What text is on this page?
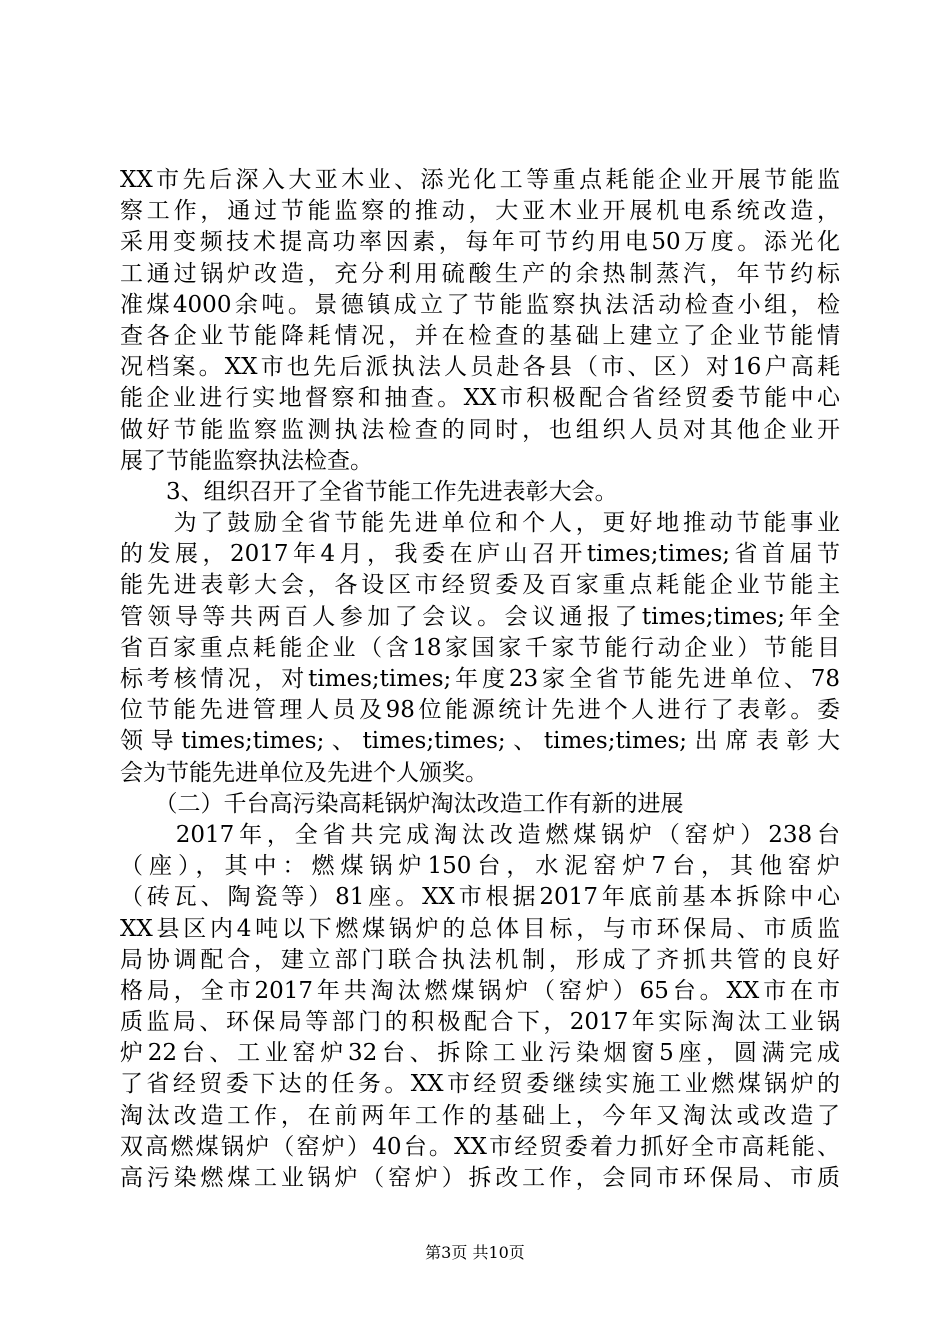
XX市先后深入大亚木业、添光化工等重点耗能企业开展节能监
察工作，通过节能监察的推动，大亚木业开展机电系统改造，
采用变频技术提高功率因素，每年可节约用电50万度。添光化
工通过锅炉改造，充分利用硫酸生产的余热制蒸汽，年节约标
准煤4000余吨。景德镇成立了节能监察执法活动检查小组，检
查各企业节能降耗情况，并在检查的基础上建立了企业节能情
况档案。XX市也先后派执法人员赴各县（市、区）对16户高耗
能企业进行实地督察和抽查。XX市积极配合省经贸委节能中心
做好节能监察监测执法检查的同时，也组织人员对其他企业开
展了节能监察执法检查。
　　3、组织召开了全省节能工作先进表彰大会。
　　为了鼓励全省节能先进单位和个人，更好地推动节能事业
的发展，2017年4月，我委在庐山召开times;times;省首届节
能先进表彰大会，各设区市经贸委及百家重点耗能企业节能主
管领导等共两百人参加了会议。会议通报了times;times;年全
省百家重点耗能企业（含18家国家千家节能行动企业）节能目
标考核情况，对times;times;年度23家全省节能先进单位、78
位节能先进管理人员及98位能源统计先进个人进行了表彰。委
领导times;times;、times;times;、times;times;出席表彰大
会为节能先进单位及先进个人颁奖。
　　（二）千台高污染高耗锅炉淘汰改造工作有新的进展
　　2017年，全省共完成淘汰改造燃煤锅炉（窑炉）238台
（座），其中：燃煤锅炉150台，水泥窑炉7台，其他窑炉
（砖瓦、陶瓷等）81座。XX市根据2017年底前基本拆除中心
XX县区内4吨以下燃煤锅炉的总体目标，与市环保局、市质监
局协调配合，建立部门联合执法机制，形成了齐抓共管的良好
格局，全市2017年共淘汰燃煤锅炉（窑炉）65台。XX市在市
质监局、环保局等部门的积极配合下，2017年实际淘汰工业锅
炉22台、工业窑炉32台、拆除工业污染烟窗5座，圆满完成
了省经贸委下达的任务。XX市经贸委继续实施工业燃煤锅炉的
淘汰改造工作，在前两年工作的基础上，今年又淘汰或改造了
双高燃煤锅炉（窑炉）40台。XX市经贸委着力抓好全市高耗能、
高污染燃煤工业锅炉（窑炉）拆改工作，会同市环保局、市质
第3页 共10页
